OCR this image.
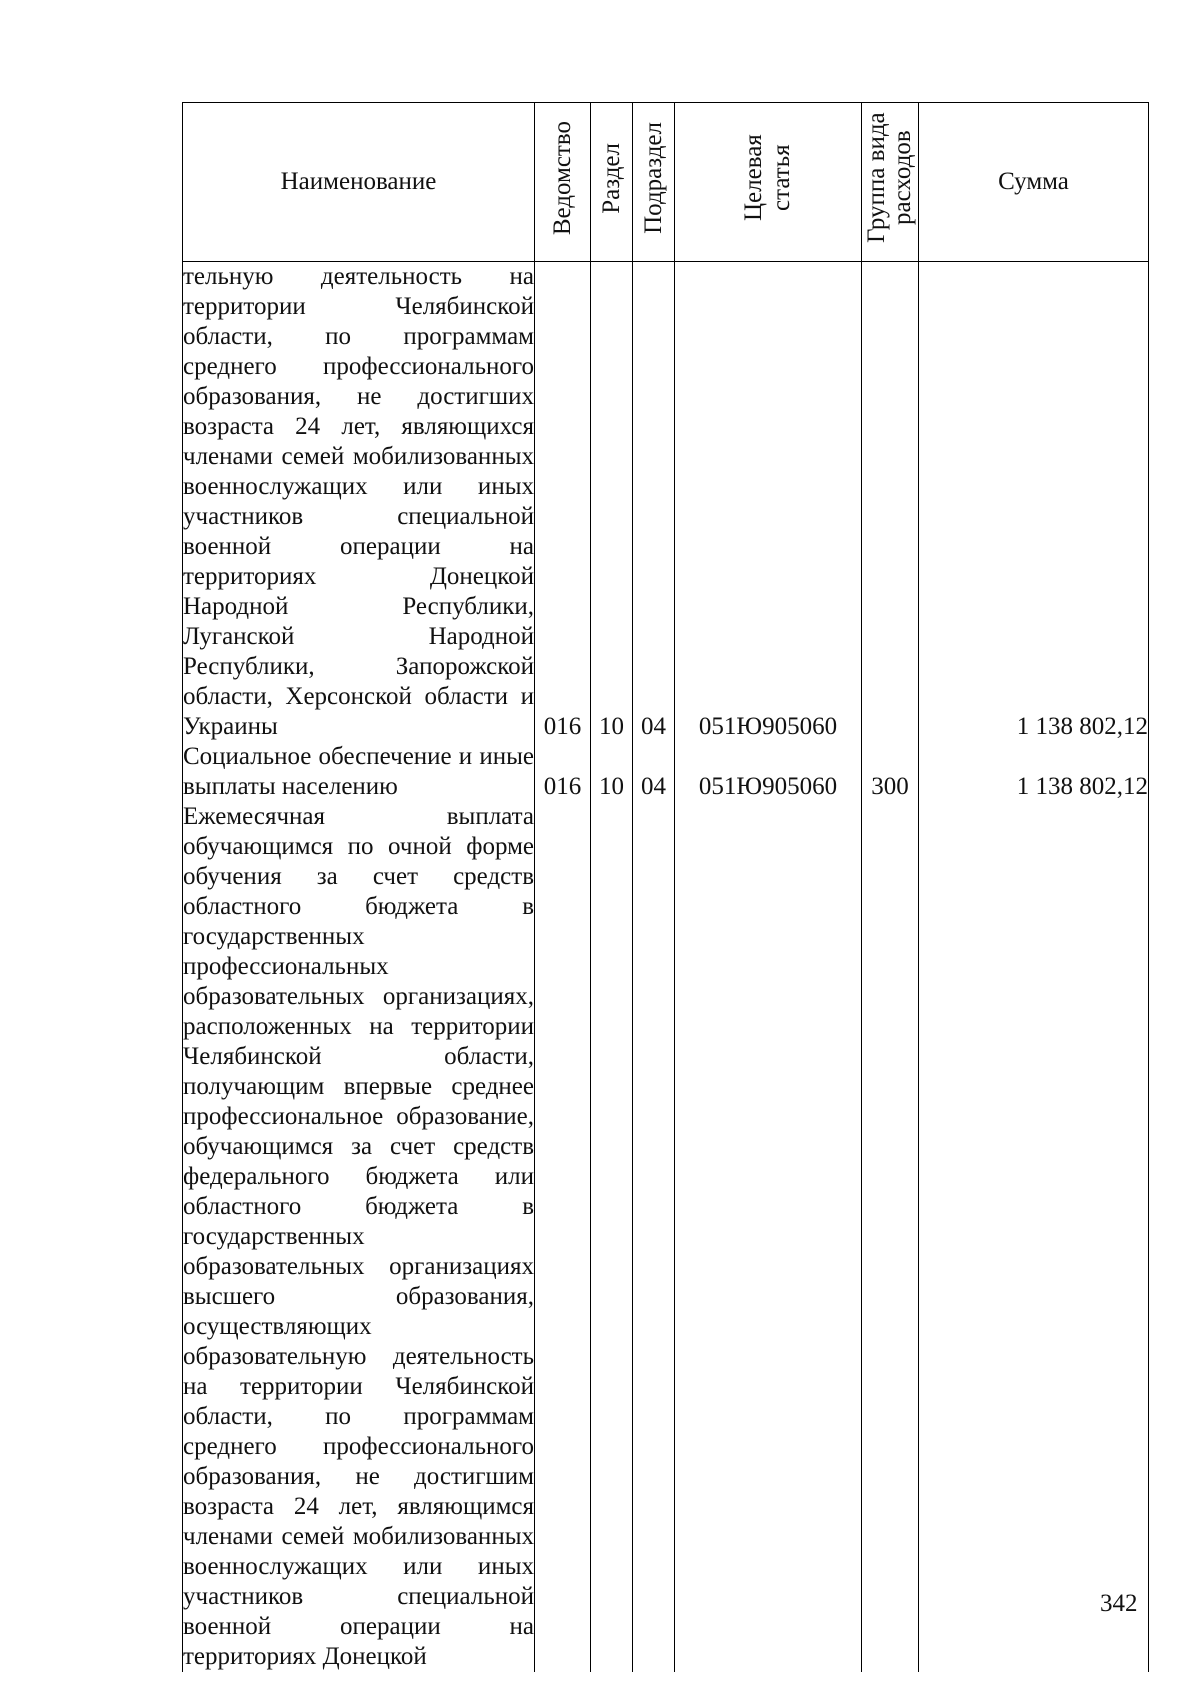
Наименование	Ведомство	Раздел	Подраздел	Целевая статья	Группа вида расходов	Сумма
тельную деятельность на территории Челябинской области, по программам среднего профессионального образования, не достигших возраста 24 лет, являющихся членами семей мобилизованных военнослужащих или иных участников специальной военной операции на территориях Донецкой Народной Республики, Луганской Народной Республики, Запорожской области, Херсонской области и Украины	016	10	04	051Ю905060		1 138 802,12
Социальное обеспечение и иные выплаты населению	016	10	04	051Ю905060	300	1 138 802,12
Ежемесячная выплата обучающимся по очной форме обучения за счет средств областного бюджета в государственных профессиональных образовательных организациях, расположенных на территории Челябинской области, получающим впервые среднее профессиональное образование, обучающимся за счет средств федерального бюджета или областного бюджета в государственных образовательных организациях высшего образования, осуществляющих образовательную деятельность на территории Челябинской области, по программам среднего профессионального образования, не достигшим возраста 24 лет, являющимся членами семей мобилизованных военнослужащих или иных участников специальной военной операции на территориях Донецкой						
342
